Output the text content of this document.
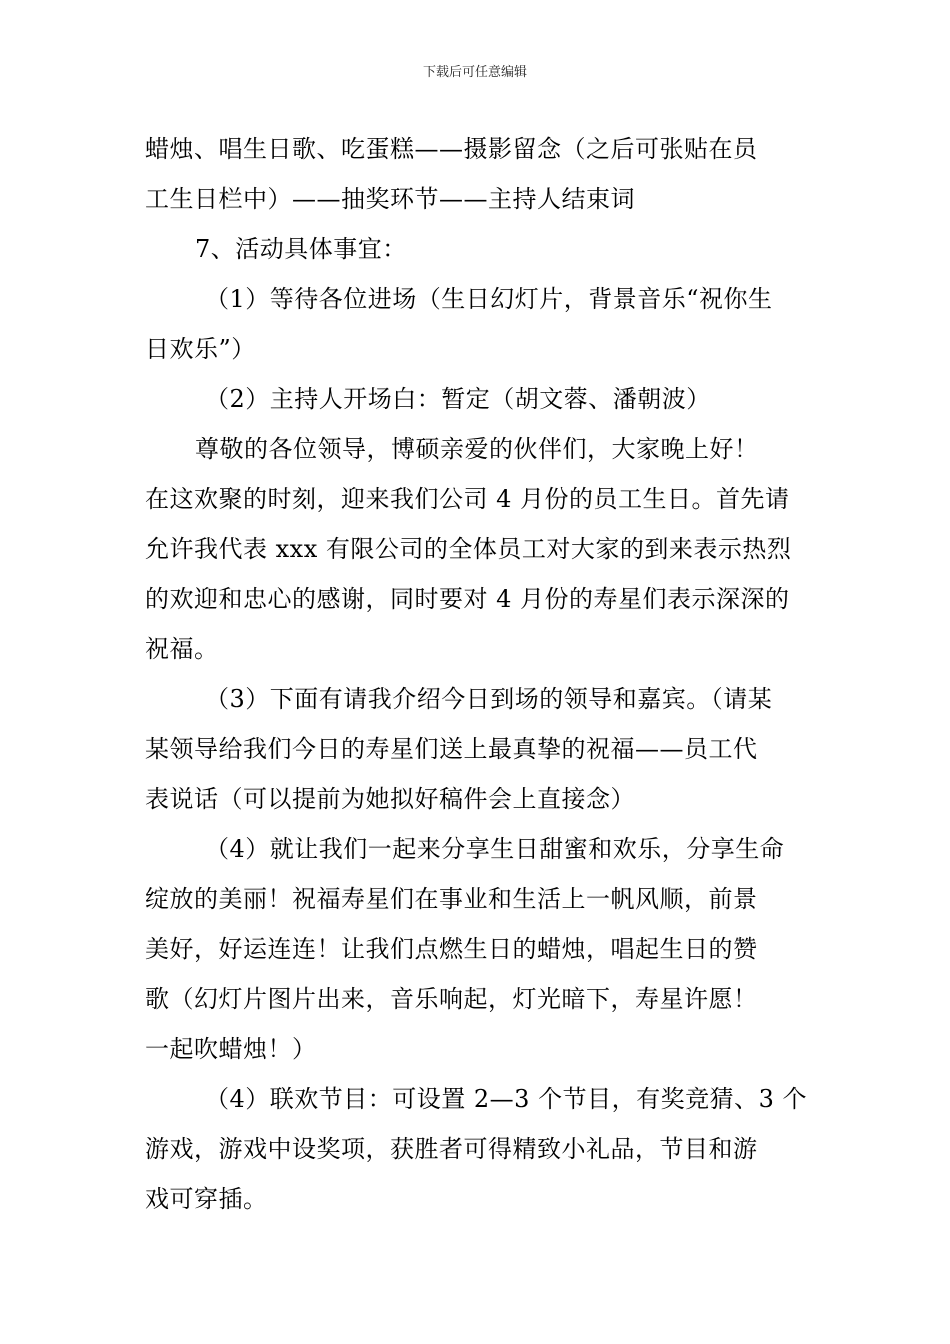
下载后可任意编辑
蜡烛、唱生日歌、吃蛋糕——摄影留念（之后可张贴在员
工生日栏中）——抽奖环节——主持人结束词
7、活动具体事宜：
（1）等待各位进场（生日幻灯片，背景音乐“祝你生
日欢乐”）
（2）主持人开场白：暂定（胡文蓉、潘朝波）
尊敬的各位领导，博硕亲爱的伙伴们，大家晚上好！
在这欢聚的时刻，迎来我们公司 4 月份的员工生日。首先请
允许我代表 xxx 有限公司的全体员工对大家的到来表示热烈
的欢迎和忠心的感谢，同时要对 4 月份的寿星们表示深深的
祝福。
（3）下面有请我介绍今日到场的领导和嘉宾。（请某
某领导给我们今日的寿星们送上最真挚的祝福——员工代
表说话（可以提前为她拟好稿件会上直接念）
（4）就让我们一起来分享生日甜蜜和欢乐，分享生命
绽放的美丽！祝福寿星们在事业和生活上一帆风顺，前景
美好，好运连连！让我们点燃生日的蜡烛，唱起生日的赞
歌（幻灯片图片出来，音乐响起，灯光暗下，寿星许愿！
一起吹蜡烛！）
（4）联欢节目：可设置 2—3 个节目，有奖竞猜、3 个
游戏，游戏中设奖项，获胜者可得精致小礼品，节目和游
戏可穿插。
